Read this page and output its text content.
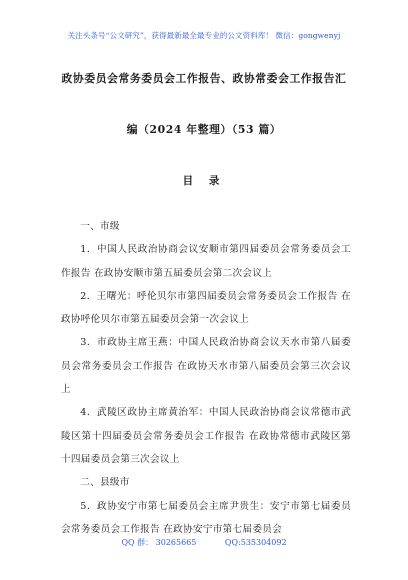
关注头条号“公文研究”，获得最新最全最专业的公文资料库！ 微信：gongwenyj
政协委员会常务委员会工作报告、政协常委会工作报告汇
编（2024 年整理）（53 篇）
目 录

一、市级

1．中国人民政治协商会议安顺市第四届委员会常务委员会工作报告 在政协安顺市第五届委员会第二次会议上

2．王曙光：呼伦贝尔市第四届委员会常务委员会工作报告 在政协呼伦贝尔市第五届委员会第一次会议上

3．市政协主席王燕：中国人民政治协商会议天水市第八届委员会常务委员会工作报告 在政协天水市第八届委员会第三次会议上

4．武陵区政协主席黄治军：中国人民政治协商会议常德市武陵区第十四届委员会常务委员会工作报告 在政协常德市武陵区第十四届委员会第三次会议上

二、县级市

5．政协安宁市第七届委员会主席尹贵生：安宁市第七届委员会常务委员会工作报告 在政协安宁市第七届委员会

QQ 群： 30265665	QQ:535304092
